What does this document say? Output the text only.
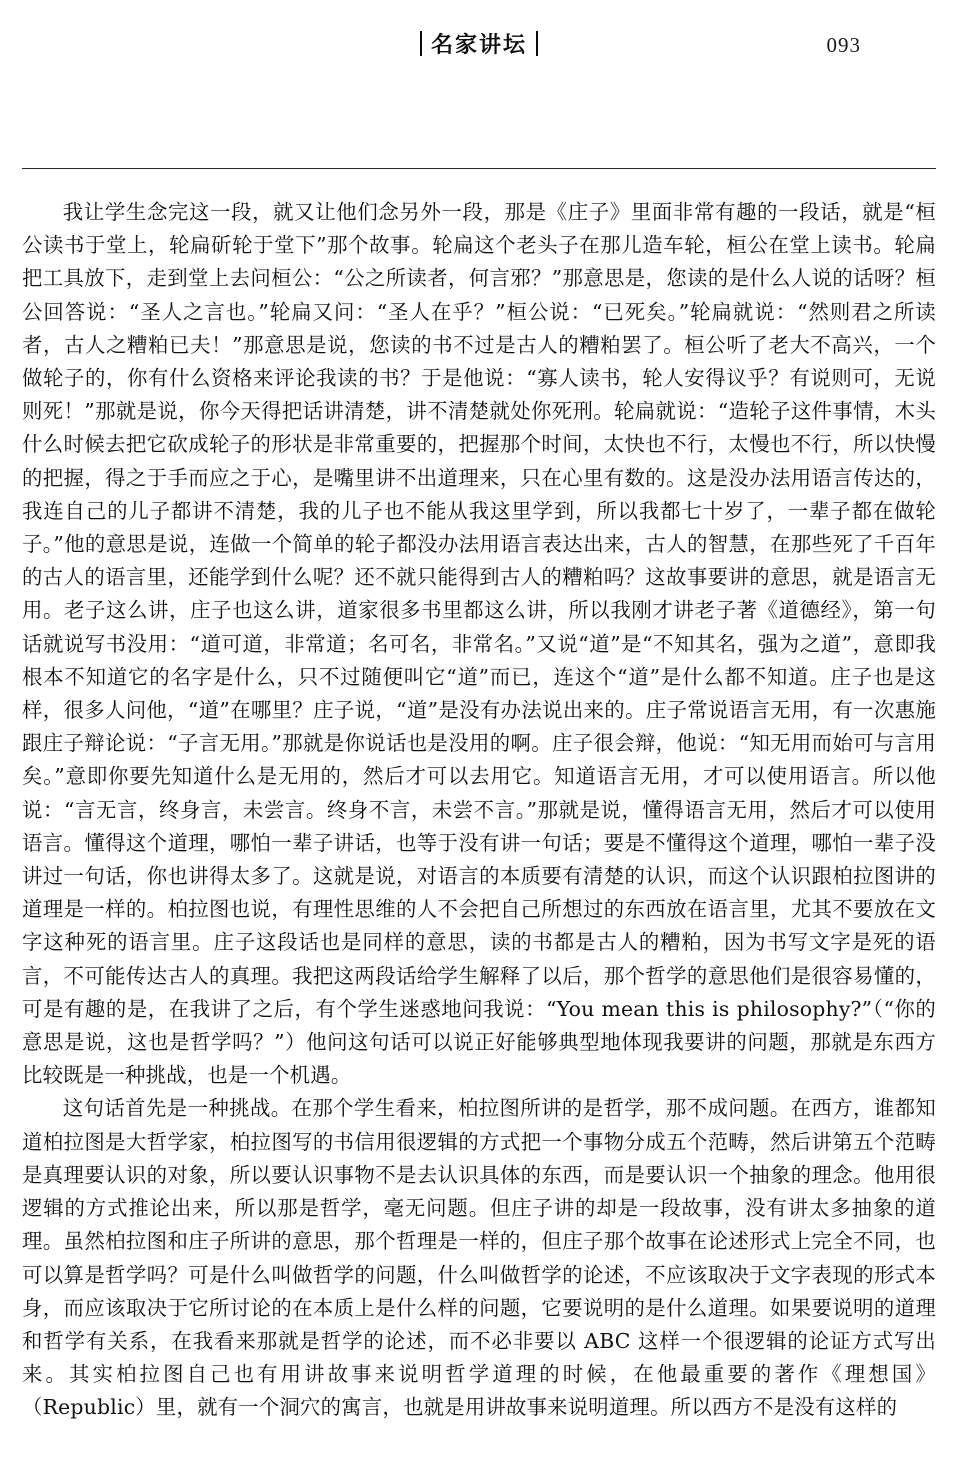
名家讲坛	093

我让学生念完这一段，就又让他们念另外一段，那是《庄子》里面非常有趣的一段话，就是“桓公读书于堂上，轮扁斫轮于堂下”那个故事。轮扁这个老头子在那儿造车轮，桓公在堂上读书。轮扁把工具放下，走到堂上去问桓公：“公之所读者，何言邪？”那意思是，您读的是什么人说的话呀？桓公回答说：“圣人之言也。”轮扁又问：“圣人在乎？”桓公说：“已死矣。”轮扁就说：“然则君之所读者，古人之糟粕已夫！”那意思是说，您读的书不过是古人的糟粕罢了。桓公听了老大不高兴，一个做轮子的，你有什么资格来评论我读的书？于是他说：“寡人读书，轮人安得议乎？有说则可，无说则死！”那就是说，你今天得把话讲清楚，讲不清楚就处你死刑。轮扁就说：“造轮子这件事情，木头什么时候去把它砍成轮子的形状是非常重要的，把握那个时间，太快也不行，太慢也不行，所以快慢的把握，得之于手而应之于心，是嘴里讲不出道理来，只在心里有数的。这是没办法用语言传达的，我连自己的儿子都讲不清楚，我的儿子也不能从我这里学到，所以我都七十岁了，一辈子都在做轮子。”他的意思是说，连做一个简单的轮子都没办法用语言表达出来，古人的智慧，在那些死了千百年的古人的语言里，还能学到什么呢？还不就只能得到古人的糟粕吗？这故事要讲的意思，就是语言无用。老子这么讲，庄子也这么讲，道家很多书里都这么讲，所以我刚才讲老子著《道德经》，第一句话就说写书没用：“道可道，非常道；名可名，非常名。”又说“道”是“不知其名，强为之道”，意即我根本不知道它的名字是什么，只不过随便叫它“道”而已，连这个“道”是什么都不知道。庄子也是这样，很多人问他，“道”在哪里？庄子说，“道”是没有办法说出来的。庄子常说语言无用，有一次惠施跟庄子辩论说：“子言无用。”那就是你说话也是没用的啊。庄子很会辩，他说：“知无用而始可与言用矣。”意即你要先知道什么是无用的，然后才可以去用它。知道语言无用，才可以使用语言。所以他说：“言无言，终身言，未尝言。终身不言，未尝不言。”那就是说，懂得语言无用，然后才可以使用语言。懂得这个道理，哪怕一辈子讲话，也等于没有讲一句话；要是不懂得这个道理，哪怕一辈子没讲过一句话，你也讲得太多了。这就是说，对语言的本质要有清楚的认识，而这个认识跟柏拉图讲的道理是一样的。柏拉图也说，有理性思维的人不会把自己所想过的东西放在语言里，尤其不要放在文字这种死的语言里。庄子这段话也是同样的意思，读的书都是古人的糟粕，因为书写文字是死的语言，不可能传达古人的真理。我把这两段话给学生解释了以后，那个哲学的意思他们是很容易懂的，可是有趣的是，在我讲了之后，有个学生迷惑地问我说：“You mean this is philosophy?”（“你的意思是说，这也是哲学吗？”）他问这句话可以说正好能够典型地体现我要讲的问题，那就是东西方比较既是一种挑战，也是一个机遇。

这句话首先是一种挑战。在那个学生看来，柏拉图所讲的是哲学，那不成问题。在西方，谁都知道柏拉图是大哲学家，柏拉图写的书信用很逻辑的方式把一个事物分成五个范畴，然后讲第五个范畴是真理要认识的对象，所以要认识事物不是去认识具体的东西，而是要认识一个抽象的理念。他用很逻辑的方式推论出来，所以那是哲学，毫无问题。但庄子讲的却是一段故事，没有讲太多抽象的道理。虽然柏拉图和庄子所讲的意思，那个哲理是一样的，但庄子那个故事在论述形式上完全不同，也可以算是哲学吗？可是什么叫做哲学的问题，什么叫做哲学的论述，不应该取决于文字表现的形式本身，而应该取决于它所讨论的在本质上是什么样的问题，它要说明的是什么道理。如果要说明的道理和哲学有关系，在我看来那就是哲学的论述，而不必非要以 ABC 这样一个很逻辑的论证方式写出来。其实柏拉图自己也有用讲故事来说明哲学道理的时候，在他最重要的著作《理想国》（Republic）里，就有一个洞穴的寓言，也就是用讲故事来说明道理。所以西方不是没有这样的
